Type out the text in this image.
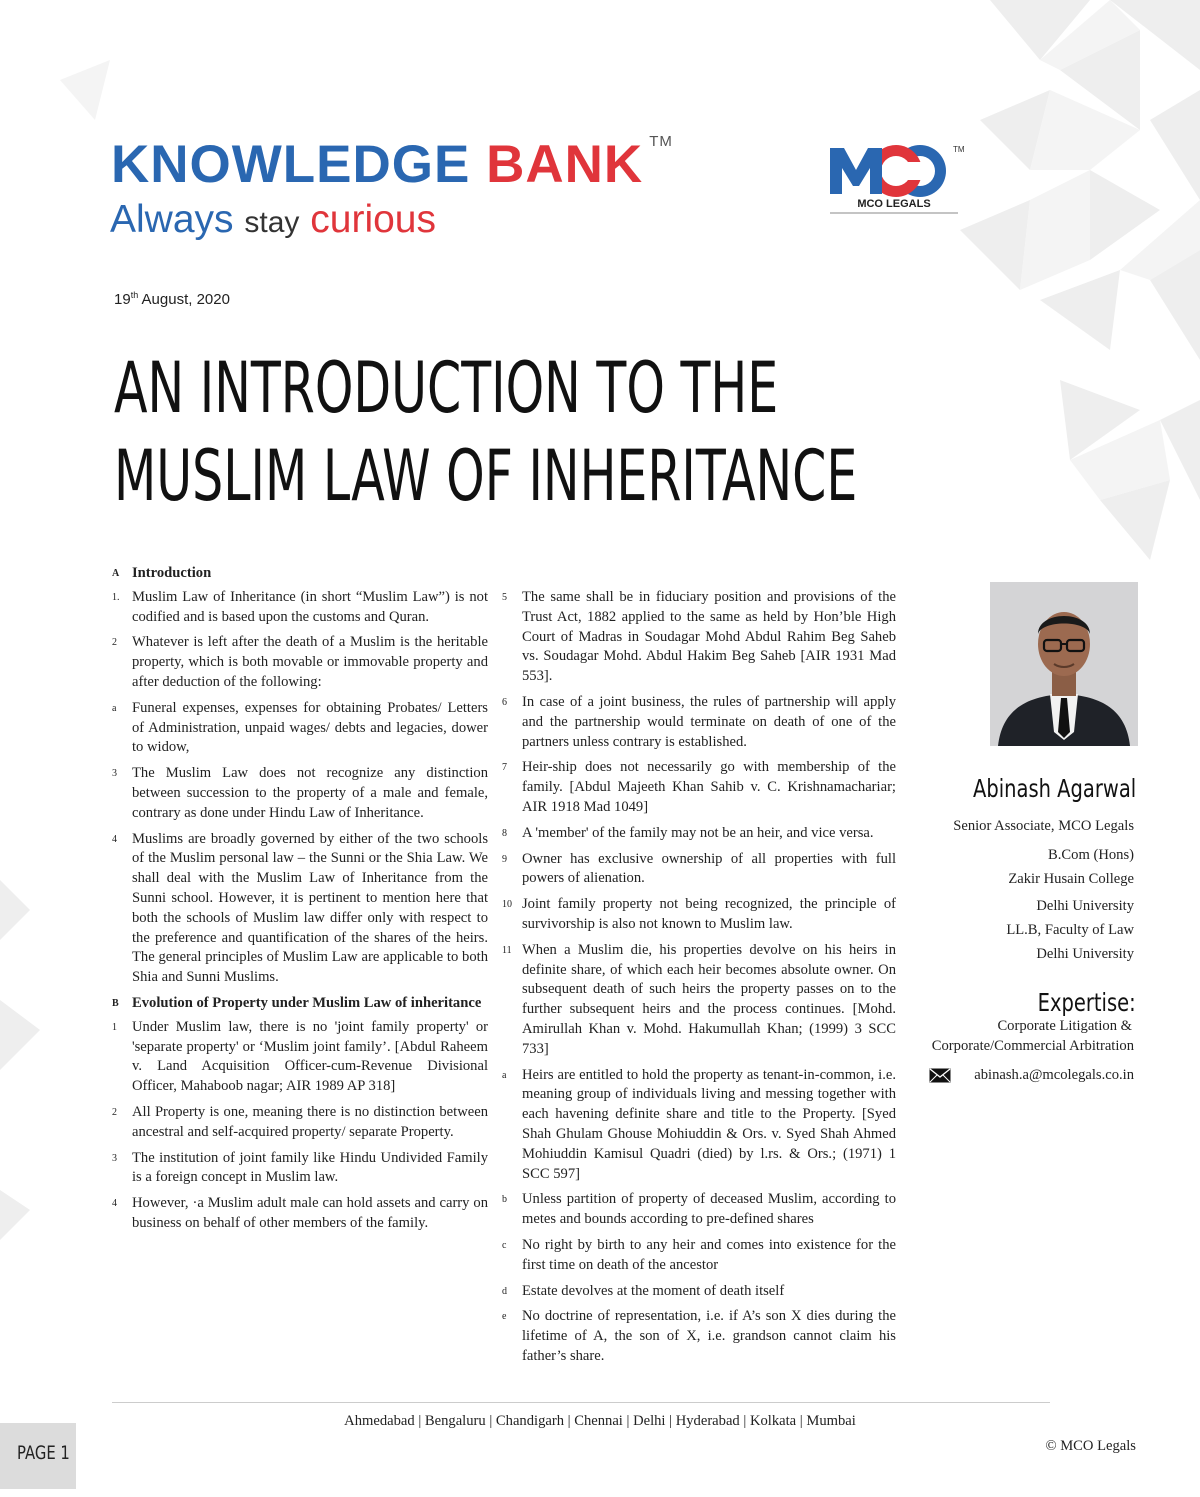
KNOWLEDGE BANK ™
Always stay curious
TM
MCO LEGALS
19th August, 2020
AN INTRODUCTION TO THE
MUSLIM LAW OF INHERITANCE
A Introduction
1. Muslim Law of Inheritance (in short “Muslim Law”) is not codified and is based upon the customs and Quran.
2 Whatever is left after the death of a Muslim is the heritable property, which is both movable or immovable property and after deduction of the following:
a Funeral expenses, expenses for obtaining Probates/ Letters of Administration, unpaid wages/ debts and legacies, dower to widow,
3 The Muslim Law does not recognize any distinction between succession to the property of a male and female, contrary as done under Hindu Law of Inheritance.
4 Muslims are broadly governed by either of the two schools of the Muslim personal law – the Sunni or the Shia Law. We shall deal with the Muslim Law of Inheritance from the Sunni school. However, it is pertinent to mention here that both the schools of Muslim law differ only with respect to the preference and quantification of the shares of the heirs. The general principles of Muslim Law are applicable to both Shia and Sunni Muslims.
B Evolution of Property under Muslim Law of inheritance
1 Under Muslim law, there is no 'joint family property' or 'separate property' or ‘Muslim joint family’. [Abdul Raheem v. Land Acquisition Officer-cum-Revenue Divisional Officer, Mahaboob nagar; AIR 1989 AP 318]
2 All Property is one, meaning there is no distinction between ancestral and self-acquired property/ separate Property.
3 The institution of joint family like Hindu Undivided Family is a foreign concept in Muslim law.
4 However, ·a Muslim adult male can hold assets and carry on business on behalf of other members of the family.
5 The same shall be in fiduciary position and provisions of the Trust Act, 1882 applied to the same as held by Hon’ble High Court of Madras in Soudagar Mohd Abdul Rahim Beg Saheb vs. Soudagar Mohd. Abdul Hakim Beg Saheb [AIR 1931 Mad 553].
6 In case of a joint business, the rules of partnership will apply and the partnership would terminate on death of one of the partners unless contrary is established.
7 Heir-ship does not necessarily go with membership of the family. [Abdul Majeeth Khan Sahib v. C. Krishnamachariar; AIR 1918 Mad 1049]
8 A 'member' of the family may not be an heir, and vice versa.
9 Owner has exclusive ownership of all properties with full powers of alienation.
10 Joint family property not being recognized, the principle of survivorship is also not known to Muslim law.
11 When a Muslim die, his properties devolve on his heirs in definite share, of which each heir becomes absolute owner. On subsequent death of such heirs the property passes on to the further subsequent heirs and the process continues. [Mohd. Amirullah Khan v. Mohd. Hakumullah Khan; (1999) 3 SCC 733]
a Heirs are entitled to hold the property as tenant-in-common, i.e. meaning group of individuals living and messing together with each havening definite share and title to the Property. [Syed Shah Ghulam Ghouse Mohiuddin & Ors. v. Syed Shah Ahmed Mohiuddin Kamisul Quadri (died) by l.rs. & Ors.; (1971) 1 SCC 597]
b Unless partition of property of deceased Muslim, according to metes and bounds according to pre-defined shares
c No right by birth to any heir and comes into existence for the first time on death of the ancestor
d Estate devolves at the moment of death itself
e No doctrine of representation, i.e. if A’s son X dies during the lifetime of A, the son of X, i.e. grandson cannot claim his father’s share.
Abinash Agarwal
Senior Associate, MCO Legals
B.Com (Hons)
Zakir Husain College
Delhi University
LL.B, Faculty of Law
Delhi University
Expertise:
Corporate Litigation &
Corporate/Commercial Arbitration
abinash.a@mcolegals.co.in
Ahmedabad | Bengaluru | Chandigarh | Chennai | Delhi | Hyderabad | Kolkata | Mumbai
© MCO Legals
PAGE 1
